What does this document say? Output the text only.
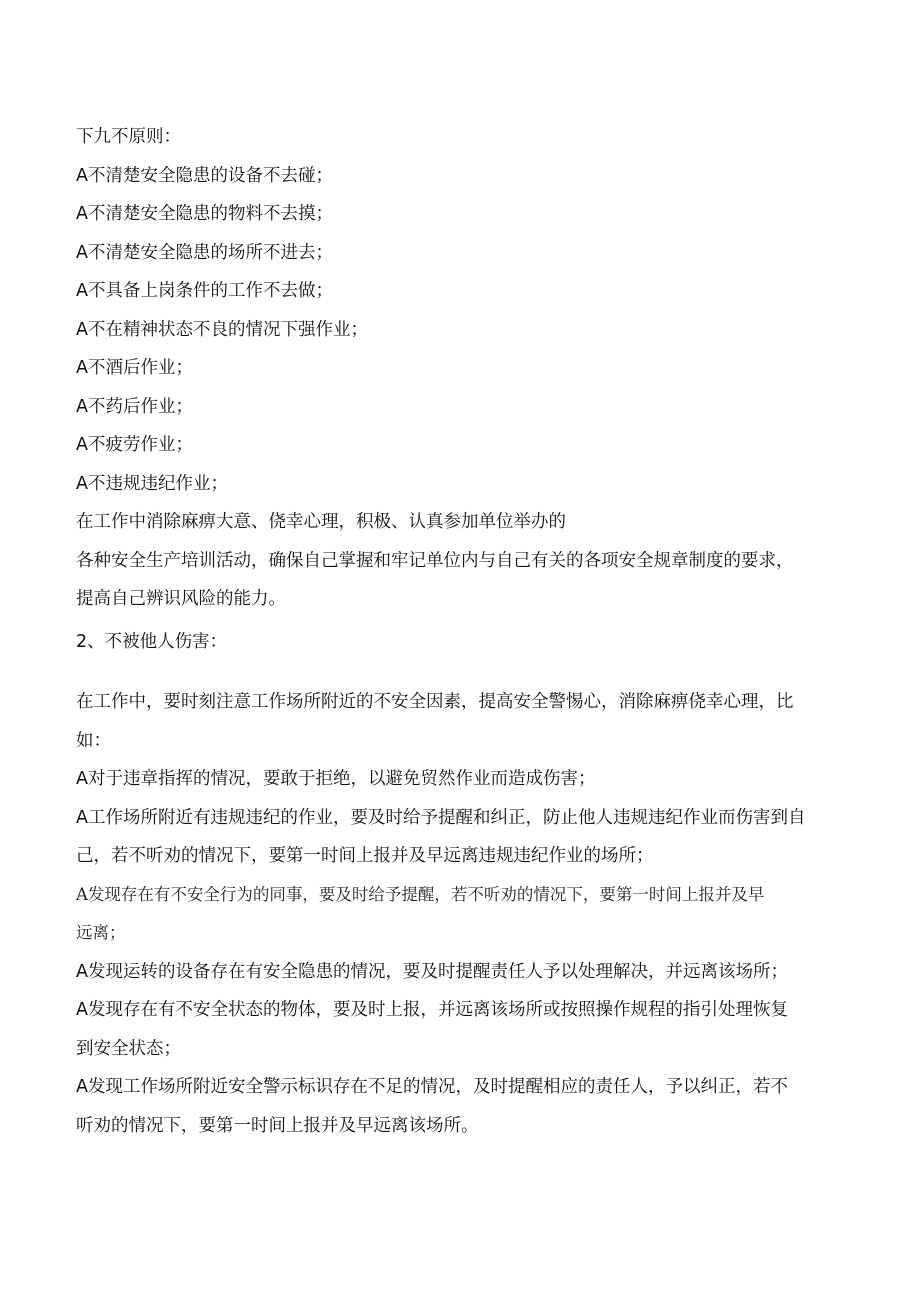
下九不原则：
A不清楚安全隐患的设备不去碰；
A不清楚安全隐患的物料不去摸；
A不清楚安全隐患的场所不进去；
A不具备上岗条件的工作不去做；
A不在精神状态不良的情况下强作业；
A不酒后作业；
A不药后作业；
A不疲劳作业；
A不违规违纪作业；
在工作中消除麻痹大意、侥幸心理，积极、认真参加单位举办的
各种安全生产培训活动，确保自己掌握和牢记单位内与自己有关的各项安全规章制度的要求，
提高自己辨识风险的能力。
2、不被他人伤害：
在工作中，要时刻注意工作场所附近的不安全因素，提高安全警惕心，消除麻痹侥幸心理，比
如：
A对于违章指挥的情况，要敢于拒绝，以避免贸然作业而造成伤害；
A工作场所附近有违规违纪的作业，要及时给予提醒和纠正，防止他人违规违纪作业而伤害到自
己，若不听劝的情况下，要第一时间上报并及早远离违规违纪作业的场所；
A发现存在有不安全行为的同事，要及时给予提醒，若不听劝的情况下，要第一时间上报并及早
远离；
A发现运转的设备存在有安全隐患的情况，要及时提醒责任人予以处理解决，并远离该场所；
A发现存在有不安全状态的物体，要及时上报，并远离该场所或按照操作规程的指引处理恢复
到安全状态；
A发现工作场所附近安全警示标识存在不足的情况，及时提醒相应的责任人，予以纠正，若不
听劝的情况下，要第一时间上报并及早远离该场所。
